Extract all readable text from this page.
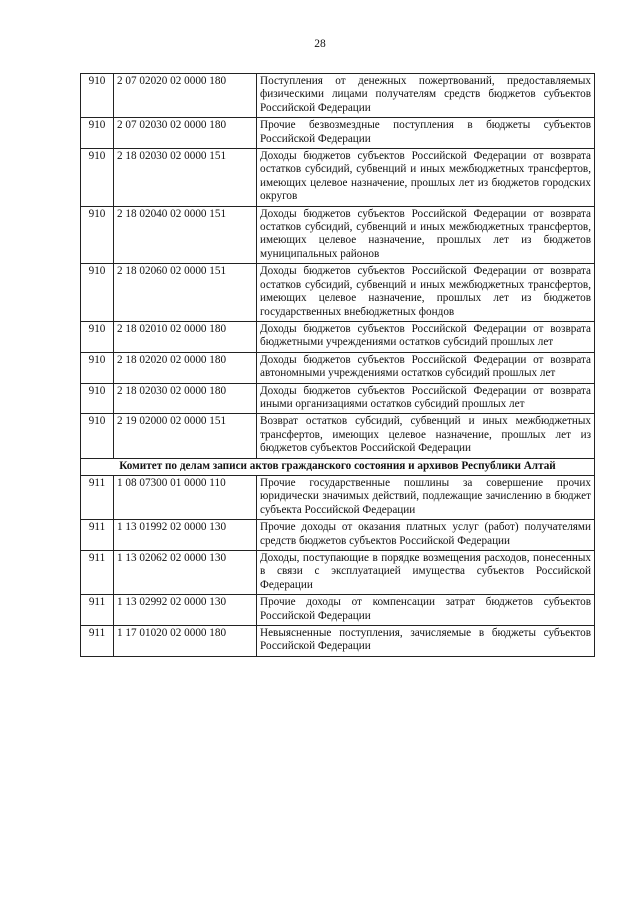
28
910	2 07 02020 02 0000 180	Поступления от денежных пожертвований, предоставляемых физическими лицами получателям средств бюджетов субъектов Российской Федерации
910	2 07 02030 02 0000 180	Прочие безвозмездные поступления в бюджеты субъектов Российской Федерации
910	2 18 02030 02 0000 151	Доходы бюджетов субъектов Российской Федерации от возврата остатков субсидий, субвенций и иных межбюджетных трансфертов, имеющих целевое назначение, прошлых лет из бюджетов городских округов
910	2 18 02040 02 0000 151	Доходы бюджетов субъектов Российской Федерации от возврата остатков субсидий, субвенций и иных межбюджетных трансфертов, имеющих целевое назначение, прошлых лет из бюджетов муниципальных районов
910	2 18 02060 02 0000 151	Доходы бюджетов субъектов Российской Федерации от возврата остатков субсидий, субвенций и иных межбюджетных трансфертов, имеющих целевое назначение, прошлых лет из бюджетов государственных внебюджетных фондов
910	2 18 02010 02 0000 180	Доходы бюджетов субъектов Российской Федерации от возврата бюджетными учреждениями остатков субсидий прошлых лет
910	2 18 02020 02 0000 180	Доходы бюджетов субъектов Российской Федерации от возврата автономными учреждениями остатков субсидий прошлых лет
910	2 18 02030 02 0000 180	Доходы бюджетов субъектов Российской Федерации от возврата иными организациями остатков субсидий прошлых лет
910	2 19 02000 02 0000 151	Возврат остатков субсидий, субвенций и иных межбюджетных трансфертов, имеющих целевое назначение, прошлых лет из бюджетов субъектов Российской Федерации
Комитет по делам записи актов гражданского состояния и архивов Республики Алтай		
911	1 08 07300 01 0000 110	Прочие государственные пошлины за совершение прочих юридически значимых действий, подлежащие зачислению в бюджет субъекта Российской Федерации
911	1 13 01992 02 0000 130	Прочие доходы от оказания платных услуг (работ) получателями средств бюджетов субъектов Российской Федерации
911	1 13 02062 02 0000 130	Доходы, поступающие в порядке возмещения расходов, понесенных в связи с эксплуатацией имущества субъектов Российской Федерации
911	1 13 02992 02 0000 130	Прочие доходы от компенсации затрат бюджетов субъектов Российской Федерации
911	1 17 01020 02 0000 180	Невыясненные поступления, зачисляемые в бюджеты субъектов Российской Федерации
